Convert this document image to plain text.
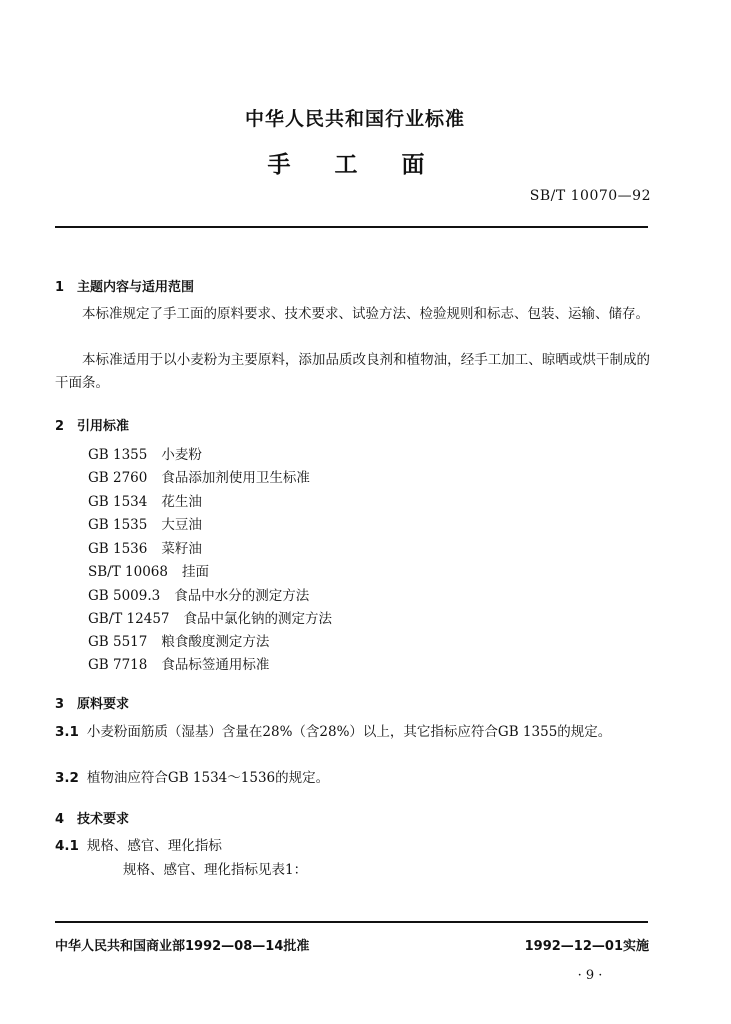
中华人民共和国行业标准
手 工 面
SB/T 10070—92
1 主题内容与适用范围
本标准规定了手工面的原料要求、技术要求、试验方法、检验规则和标志、包装、运输、储存。
本标准适用于以小麦粉为主要原料，添加品质改良剂和植物油，经手工加工、晾晒或烘干制成的干面条。
2 引用标准
GB 1355 小麦粉
GB 2760 食品添加剂使用卫生标准
GB 1534 花生油
GB 1535 大豆油
GB 1536 菜籽油
SB/T 10068 挂面
GB 5009.3 食品中水分的测定方法
GB/T 12457 食品中氯化钠的测定方法
GB 5517 粮食酸度测定方法
GB 7718 食品标签通用标准
3 原料要求
3.1 小麦粉面筋质（湿基）含量在28%（含28%）以上，其它指标应符合GB 1355的规定。
3.2 植物油应符合GB 1534～1536的规定。
4 技术要求
4.1 规格、感官、理化指标
规格、感官、理化指标见表1：
中华人民共和国商业部1992—08—14批准	1992—12—01实施
· 9 ·
